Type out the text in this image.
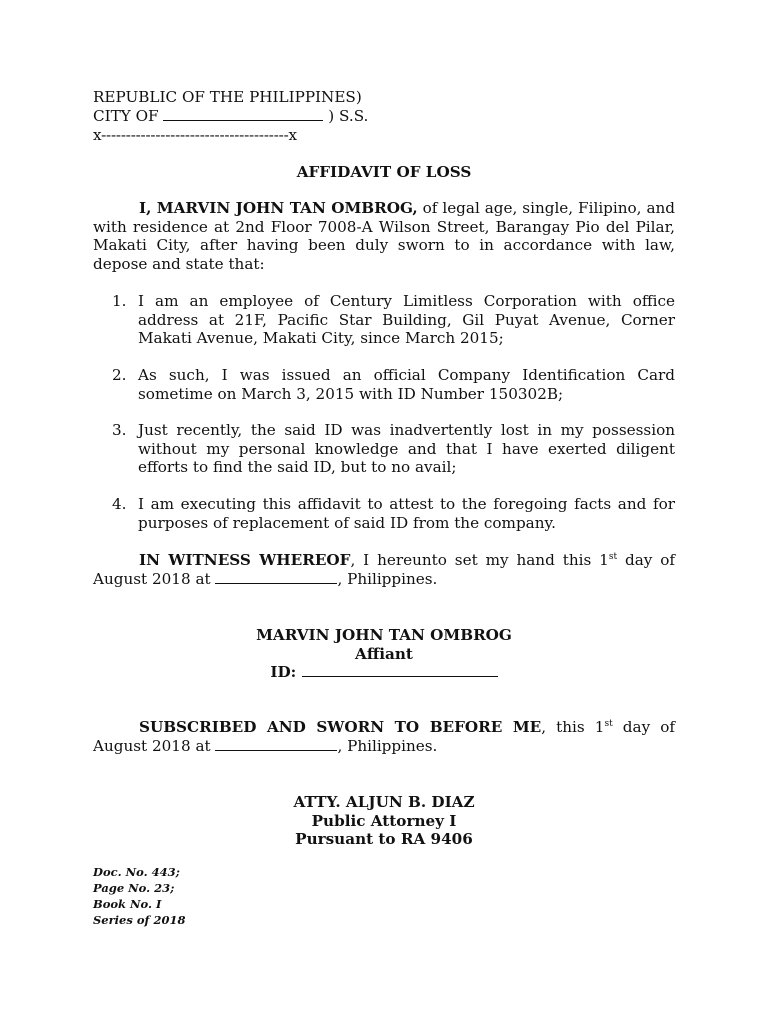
REPUBLIC OF THE PHILIPPINES)
CITY OF	) S.S.
x--------------------------------------x
AFFIDAVIT OF LOSS
I, MARVIN JOHN TAN OMBROG, of legal age, single, Filipino, and with residence at 2nd Floor 7008-A Wilson Street, Barangay Pio del Pilar, Makati City, after having been duly sworn to in accordance with law, depose and state that:
1. I am an employee of Century Limitless Corporation with office address at 21F, Pacific Star Building, Gil Puyat Avenue, Corner Makati Avenue, Makati City, since March 2015;
2. As such, I was issued an official Company Identification Card sometime on March 3, 2015 with ID Number 150302B;
3. Just recently, the said ID was inadvertently lost in my possession without my personal knowledge and that I have exerted diligent efforts to find the said ID, but to no avail;
4. I am executing this affidavit to attest to the foregoing facts and for purposes of replacement of said ID from the company.
IN WITNESS WHEREOF, I hereunto set my hand this 1st day of August 2018 at	, Philippines.
MARVIN JOHN TAN OMBROG
Affiant
ID:
SUBSCRIBED AND SWORN TO BEFORE ME, this 1st day of August 2018 at	, Philippines.
ATTY. ALJUN B. DIAZ
Public Attorney I
Pursuant to RA 9406
Doc. No. 443;
Page No. 23;
Book No. I
Series of 2018
